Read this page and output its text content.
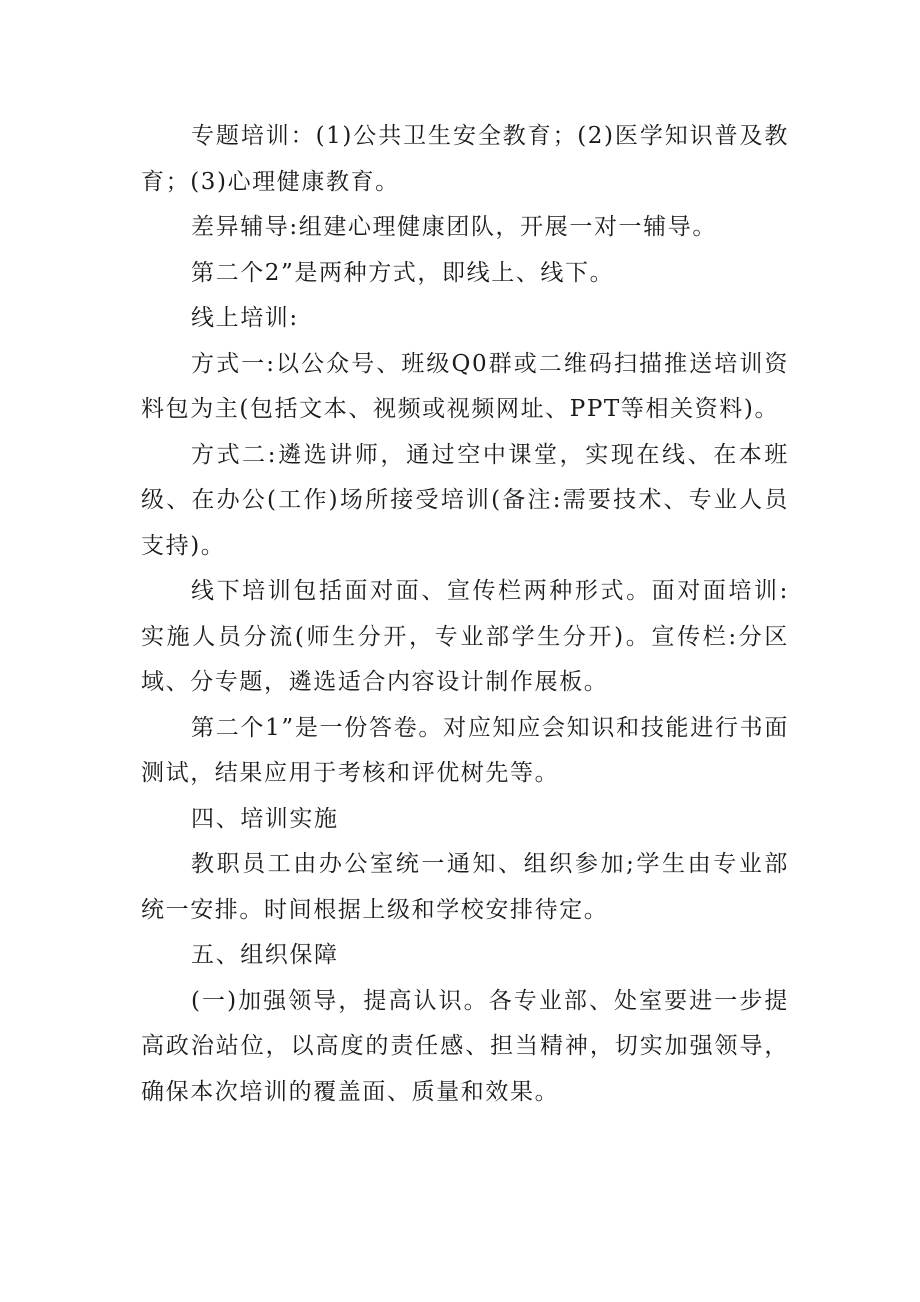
专题培训：(1)公共卫生安全教育；(2)医学知识普及教育；(3)心理健康教育。

差异辅导:组建心理健康团队，开展一对一辅导。

第二个2”是两种方式，即线上、线下。

线上培训:

方式一:以公众号、班级Q0群或二维码扫描推送培训资料包为主(包括文本、视频或视频网址、PPT等相关资料)。

方式二:遴选讲师，通过空中课堂，实现在线、在本班级、在办公(工作)场所接受培训(备注:需要技术、专业人员支持)。

线下培训包括面对面、宣传栏两种形式。面对面培训:实施人员分流(师生分开，专业部学生分开)。宣传栏:分区域、分专题，遴选适合内容设计制作展板。

第二个1”是一份答卷。对应知应会知识和技能进行书面测试，结果应用于考核和评优树先等。

四、培训实施

教职员工由办公室统一通知、组织参加;学生由专业部统一安排。时间根据上级和学校安排待定。

五、组织保障

(一)加强领导，提高认识。各专业部、处室要进一步提高政治站位，以高度的责任感、担当精神，切实加强领导，确保本次培训的覆盖面、质量和效果。
